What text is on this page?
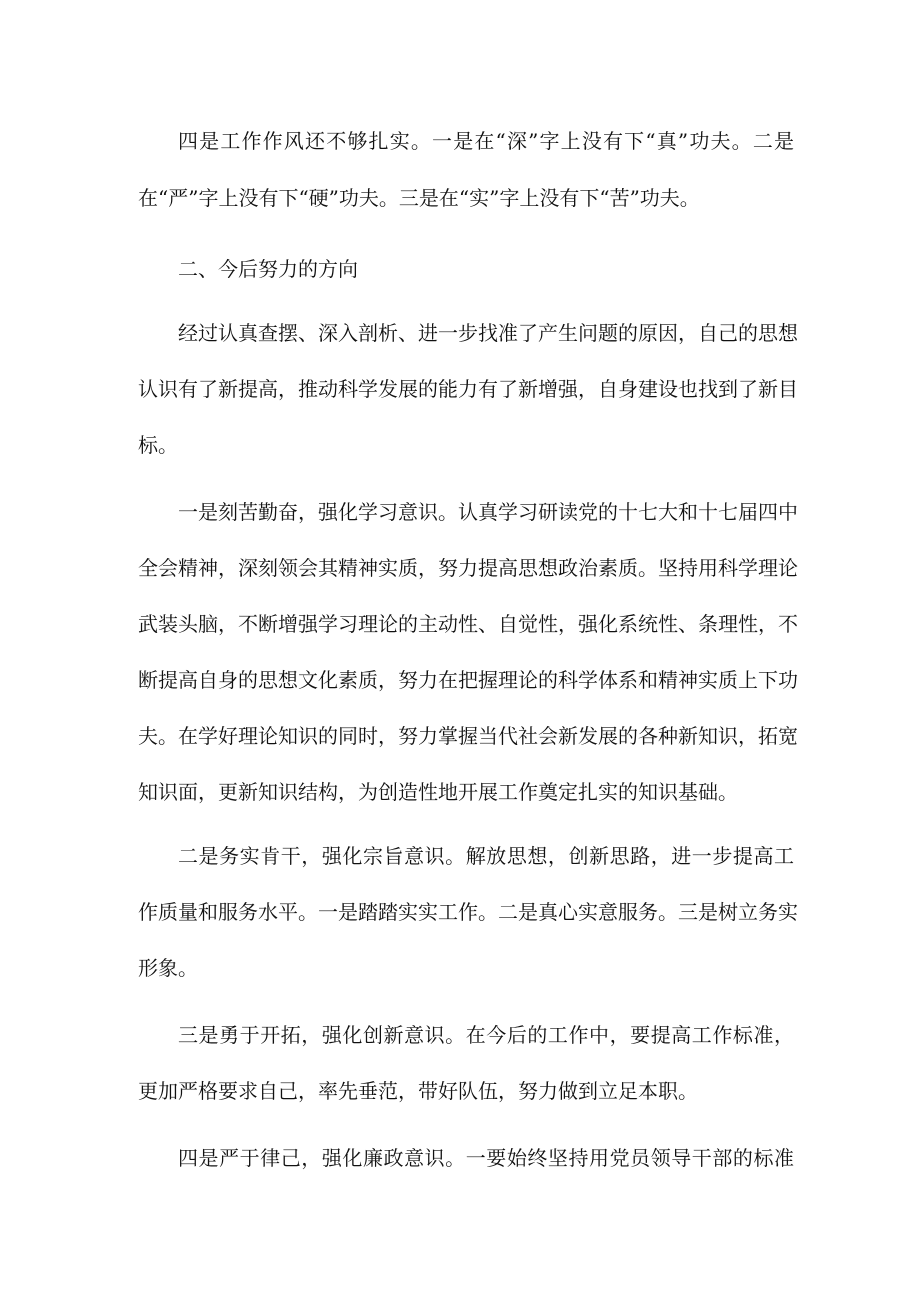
四是工作作风还不够扎实。一是在“深”字上没有下“真”功夫。二是
在“严”字上没有下“硬”功夫。三是在“实”字上没有下“苦”功夫。
二、今后努力的方向
经过认真查摆、深入剖析、进一步找准了产生问题的原因，自己的思想
认识有了新提高，推动科学发展的能力有了新增强，自身建设也找到了新目
标。
一是刻苦勤奋，强化学习意识。认真学习研读党的十七大和十七届四中
全会精神，深刻领会其精神实质，努力提高思想政治素质。坚持用科学理论
武装头脑，不断增强学习理论的主动性、自觉性，强化系统性、条理性，不
断提高自身的思想文化素质，努力在把握理论的科学体系和精神实质上下功
夫。在学好理论知识的同时，努力掌握当代社会新发展的各种新知识，拓宽
知识面，更新知识结构，为创造性地开展工作奠定扎实的知识基础。
二是务实肯干，强化宗旨意识。解放思想，创新思路，进一步提高工
作质量和服务水平。一是踏踏实实工作。二是真心实意服务。三是树立务实
形象。
三是勇于开拓，强化创新意识。在今后的工作中，要提高工作标准，
更加严格要求自己，率先垂范，带好队伍，努力做到立足本职。
四是严于律己，强化廉政意识。一要始终坚持用党员领导干部的标准
